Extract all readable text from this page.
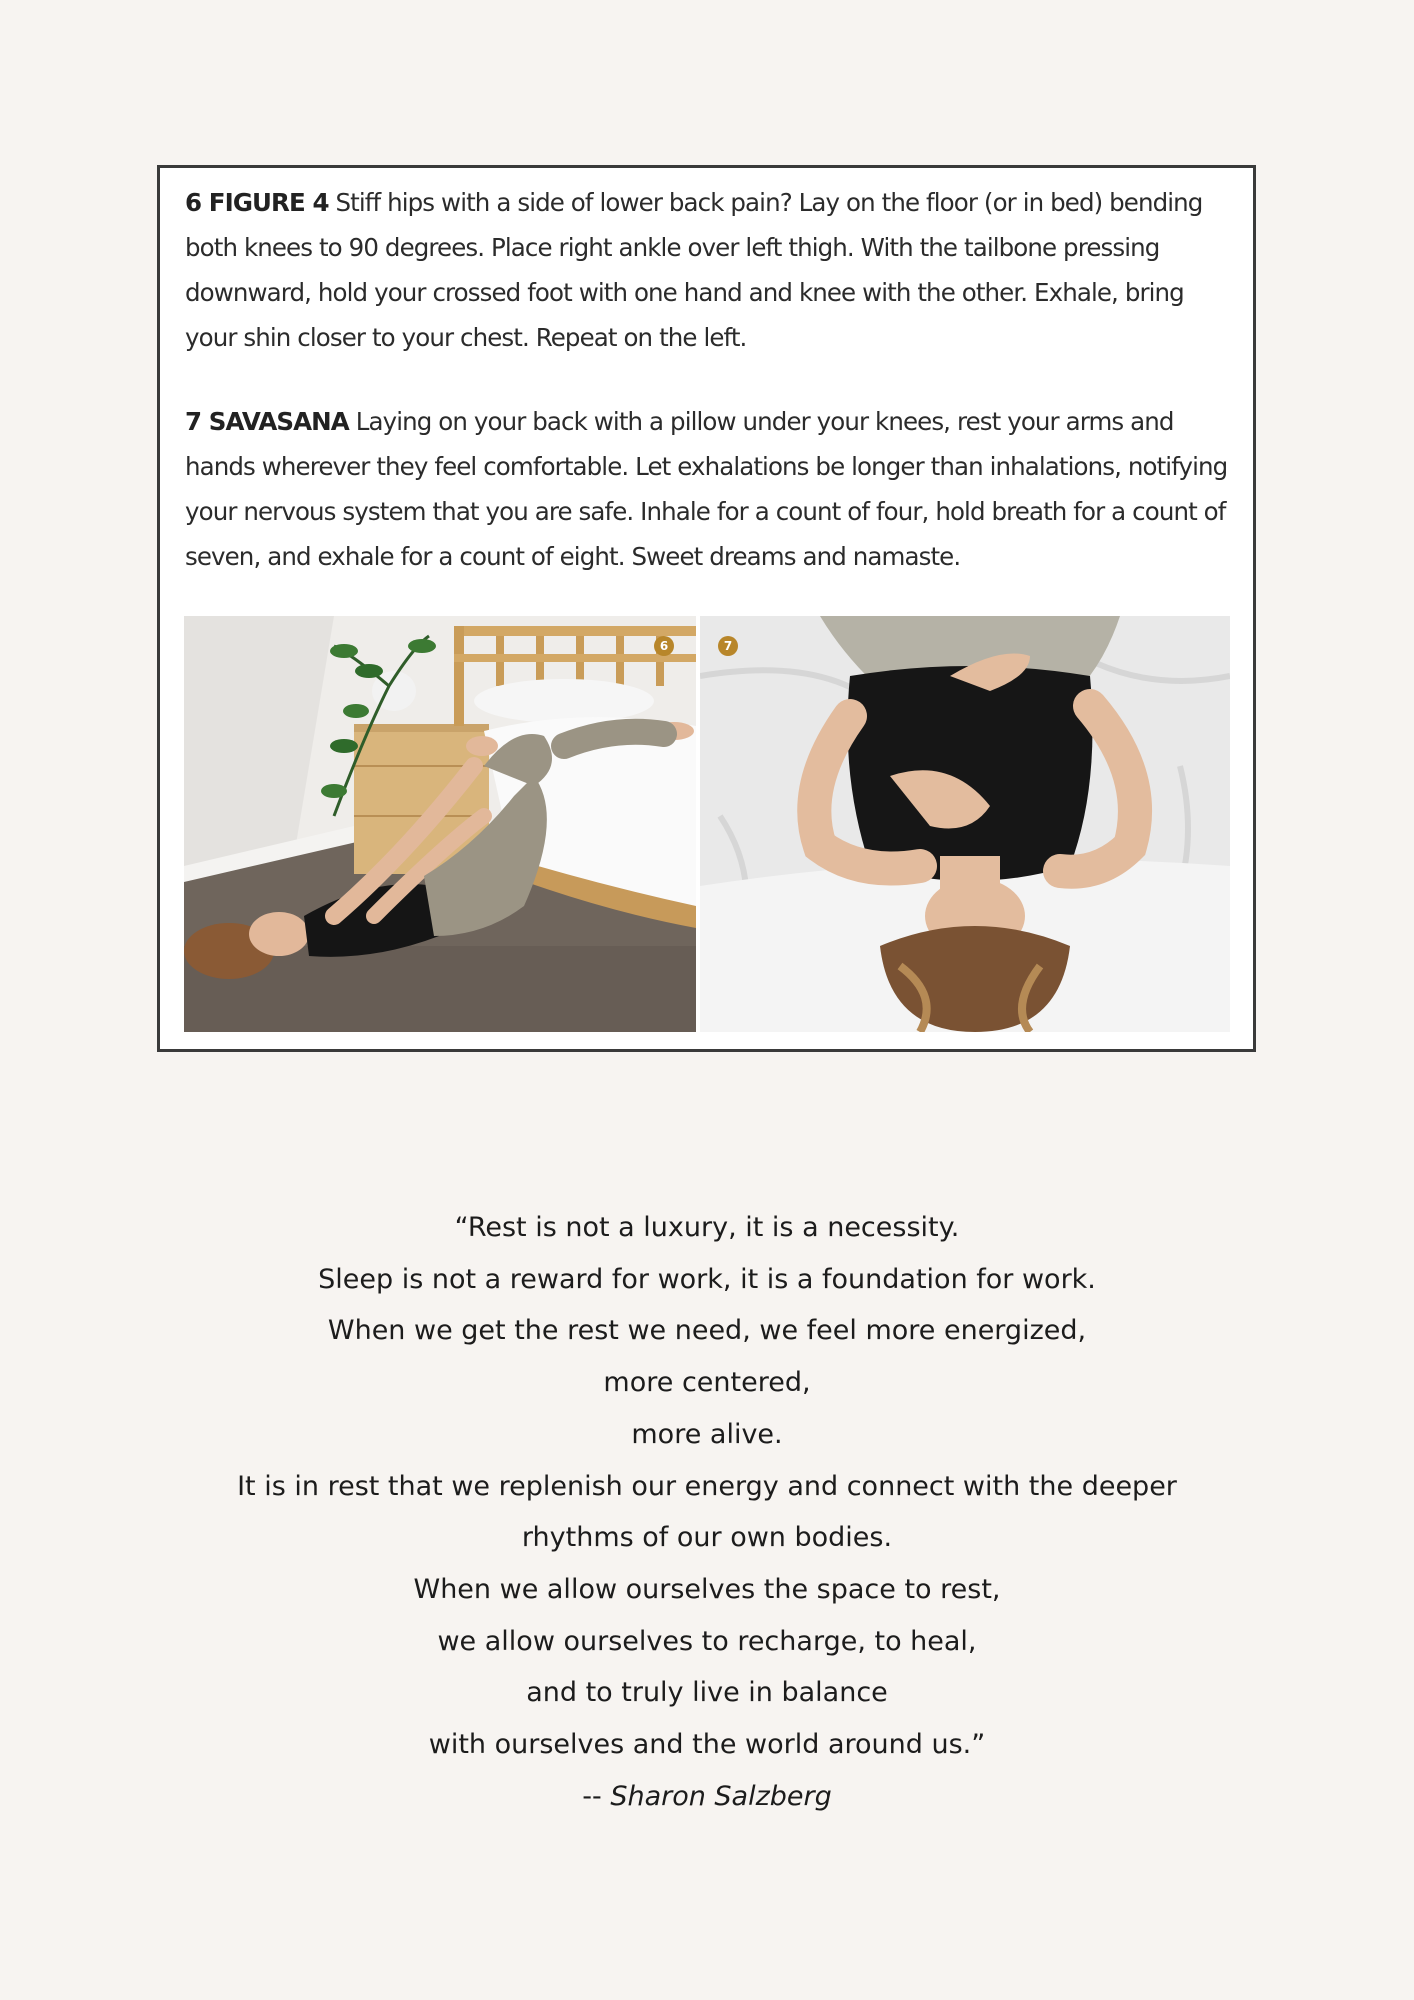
6 FIGURE 4 Stiff hips with a side of lower back pain? Lay on the floor (or in bed) bending both knees to 90 degrees. Place right ankle over left thigh. With the tailbone pressing downward, hold your crossed foot with one hand and knee with the other. Exhale, bring your shin closer to your chest. Repeat on the left.

7 SAVASANA Laying on your back with a pillow under your knees, rest your arms and hands wherever they feel comfortable. Let exhalations be longer than inhalations, notifying your nervous system that you are safe. Inhale for a count of four, hold breath for a count of seven, and exhale for a count of eight. Sweet dreams and namaste.

6	7
“Rest is not a luxury, it is a necessity.
Sleep is not a reward for work, it is a foundation for work.
When we get the rest we need, we feel more energized,
more centered,
more alive.
It is in rest that we replenish our energy and connect with the deeper
rhythms of our own bodies.
When we allow ourselves the space to rest,
we allow ourselves to recharge, to heal,
and to truly live in balance
with ourselves and the world around us.”
-- Sharon Salzberg
